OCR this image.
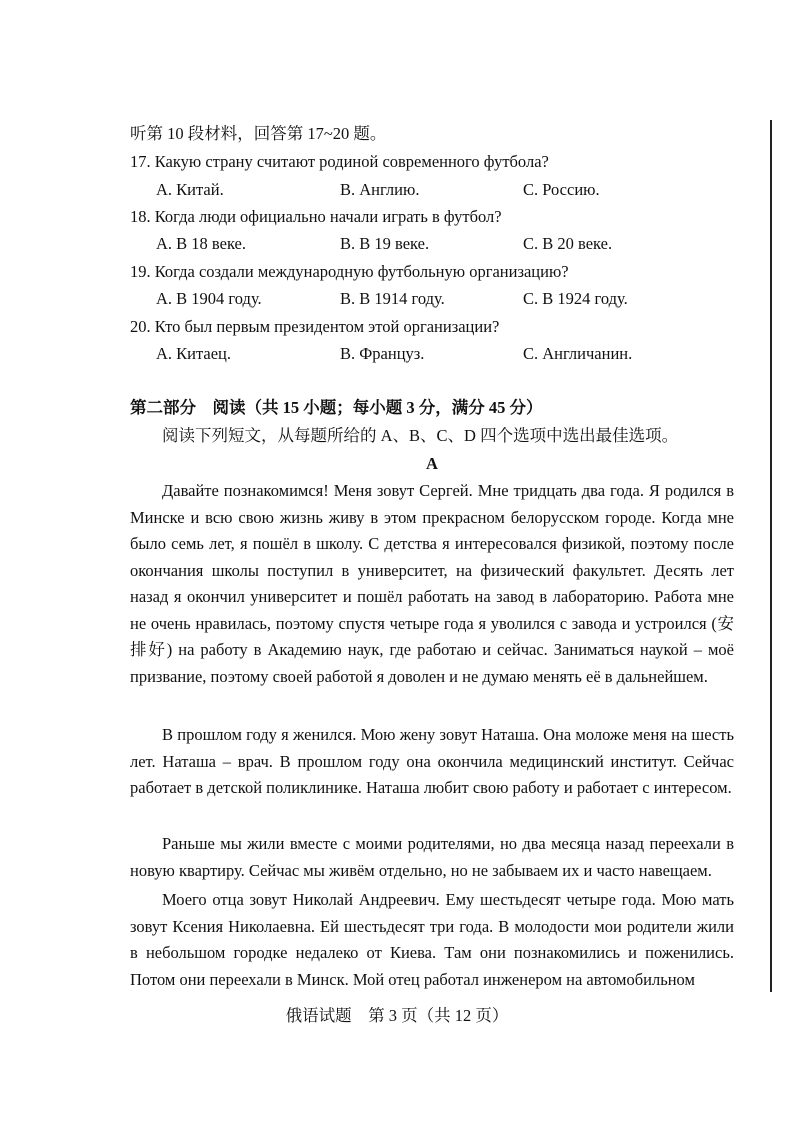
听第 10 段材料，回答第 17~20 题。
17. Какую страну считают родиной современного футбола?
A. Китай.	B. Англию.	C. Россию.
18. Когда люди официально начали играть в футбол?
A. В 18 веке.	B. В 19 веке.	C. В 20 веке.
19. Когда создали международную футбольную организацию?
A. В 1904 году.	B. В 1914 году.	C. В 1924 году.
20. Кто был первым президентом этой организации?
A. Китаец.	B. Француз.	C. Англичанин.
第二部分　阅读（共 15 小题；每小题 3 分，满分 45 分）
阅读下列短文，从每题所给的 A、B、C、D 四个选项中选出最佳选项。
A
Давайте познакомимся! Меня зовут Сергей. Мне тридцать два года. Я родился в Минске и всю свою жизнь живу в этом прекрасном белорусском городе. Когда мне было семь лет, я пошёл в школу. С детства я интересовался физикой, поэтому после окончания школы поступил в университет, на физический факультет. Десять лет назад я окончил университет и пошёл работать на завод в лабораторию. Работа мне не очень нравилась, поэтому спустя четыре года я уволился с завода и устроился (安排好) на работу в Академию наук, где работаю и сейчас. Заниматься наукой – моё призвание, поэтому своей работой я доволен и не думаю менять её в дальнейшем.
В прошлом году я женился. Мою жену зовут Наташа. Она моложе меня на шесть лет. Наташа – врач. В прошлом году она окончила медицинский институт. Сейчас работает в детской поликлинике. Наташа любит свою работу и работает с интересом.
Раньше мы жили вместе с моими родителями, но два месяца назад переехали в новую квартиру. Сейчас мы живём отдельно, но не забываем их и часто навещаем.
Моего отца зовут Николай Андреевич. Ему шестьдесят четыре года. Мою мать зовут Ксения Николаевна. Ей шестьдесят три года. В молодости мои родители жили в небольшом городке недалеко от Киева. Там они познакомились и поженились. Потом они переехали в Минск. Мой отец работал инженером на автомобильном
俄语试题　第 3 页（共 12 页）
